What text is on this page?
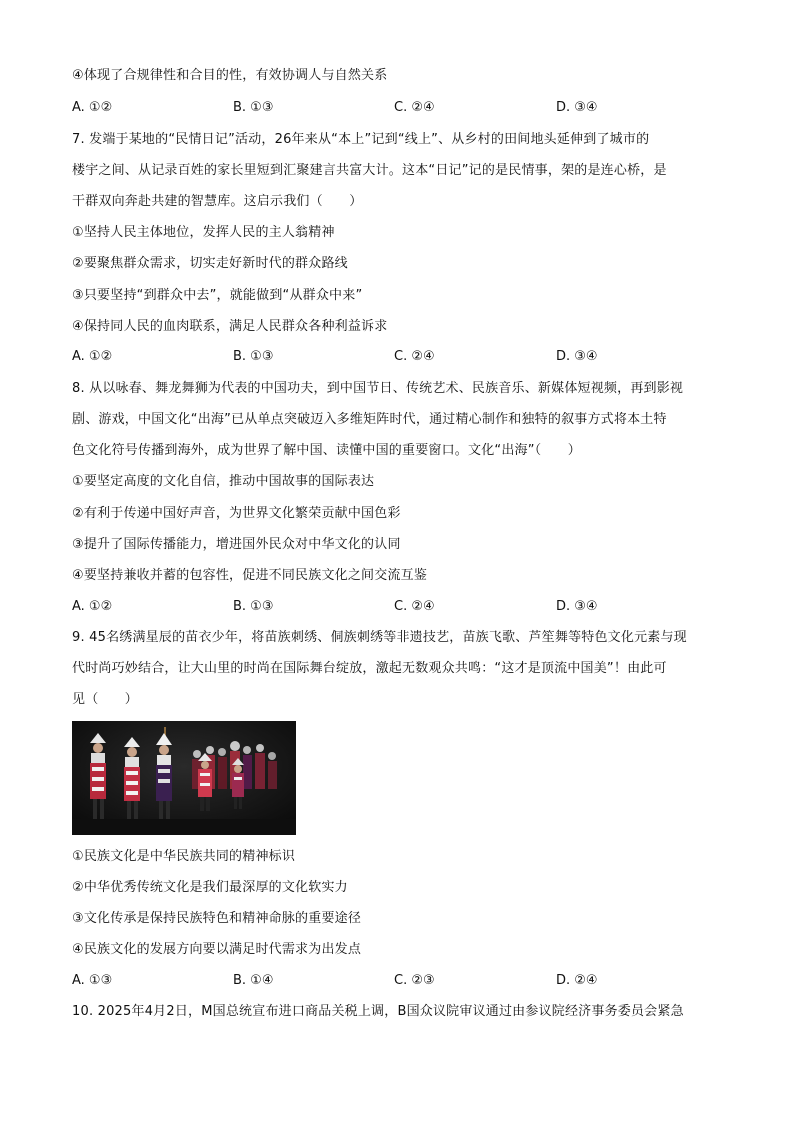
④体现了合规律性和合目的性，有效协调人与自然关系
A. ①②	B. ①③	C. ②④	D. ③④
7. 发端于某地的“民情日记”活动，26年来从“本上”记到“线上”、从乡村的田间地头延伸到了城市的
楼宇之间、从记录百姓的家长里短到汇聚建言共富大计。这本“日记”记的是民情事，架的是连心桥，是
干群双向奔赴共建的智慧库。这启示我们（　　）
①坚持人民主体地位，发挥人民的主人翁精神
②要聚焦群众需求，切实走好新时代的群众路线
③只要坚持“到群众中去”，就能做到“从群众中来”
④保持同人民的血肉联系，满足人民群众各种利益诉求
A. ①②	B. ①③	C. ②④	D. ③④
8. 从以咏春、舞龙舞狮为代表的中国功夫，到中国节日、传统艺术、民族音乐、新媒体短视频，再到影视
剧、游戏，中国文化“出海”已从单点突破迈入多维矩阵时代，通过精心制作和独特的叙事方式将本土特
色文化符号传播到海外，成为世界了解中国、读懂中国的重要窗口。文化“出海”（　　）
①要坚定高度的文化自信，推动中国故事的国际表达
②有利于传递中国好声音，为世界文化繁荣贡献中国色彩
③提升了国际传播能力，增进国外民众对中华文化的认同
④要坚持兼收并蓄的包容性，促进不同民族文化之间交流互鉴
A. ①②	B. ①③	C. ②④	D. ③④
9. 45名绣满星辰的苗衣少年，将苗族刺绣、侗族刺绣等非遗技艺，苗族飞歌、芦笙舞等特色文化元素与现
代时尚巧妙结合，让大山里的时尚在国际舞台绽放，激起无数观众共鸣：“这才是顶流中国美”！由此可
见（　　）
①民族文化是中华民族共同的精神标识
②中华优秀传统文化是我们最深厚的文化软实力
③文化传承是保持民族特色和精神命脉的重要途径
④民族文化的发展方向要以满足时代需求为出发点
A. ①③	B. ①④	C. ②③	D. ②④
10. 2025年4月2日，M国总统宣布进口商品关税上调，B国众议院审议通过由参议院经济事务委员会紧急
